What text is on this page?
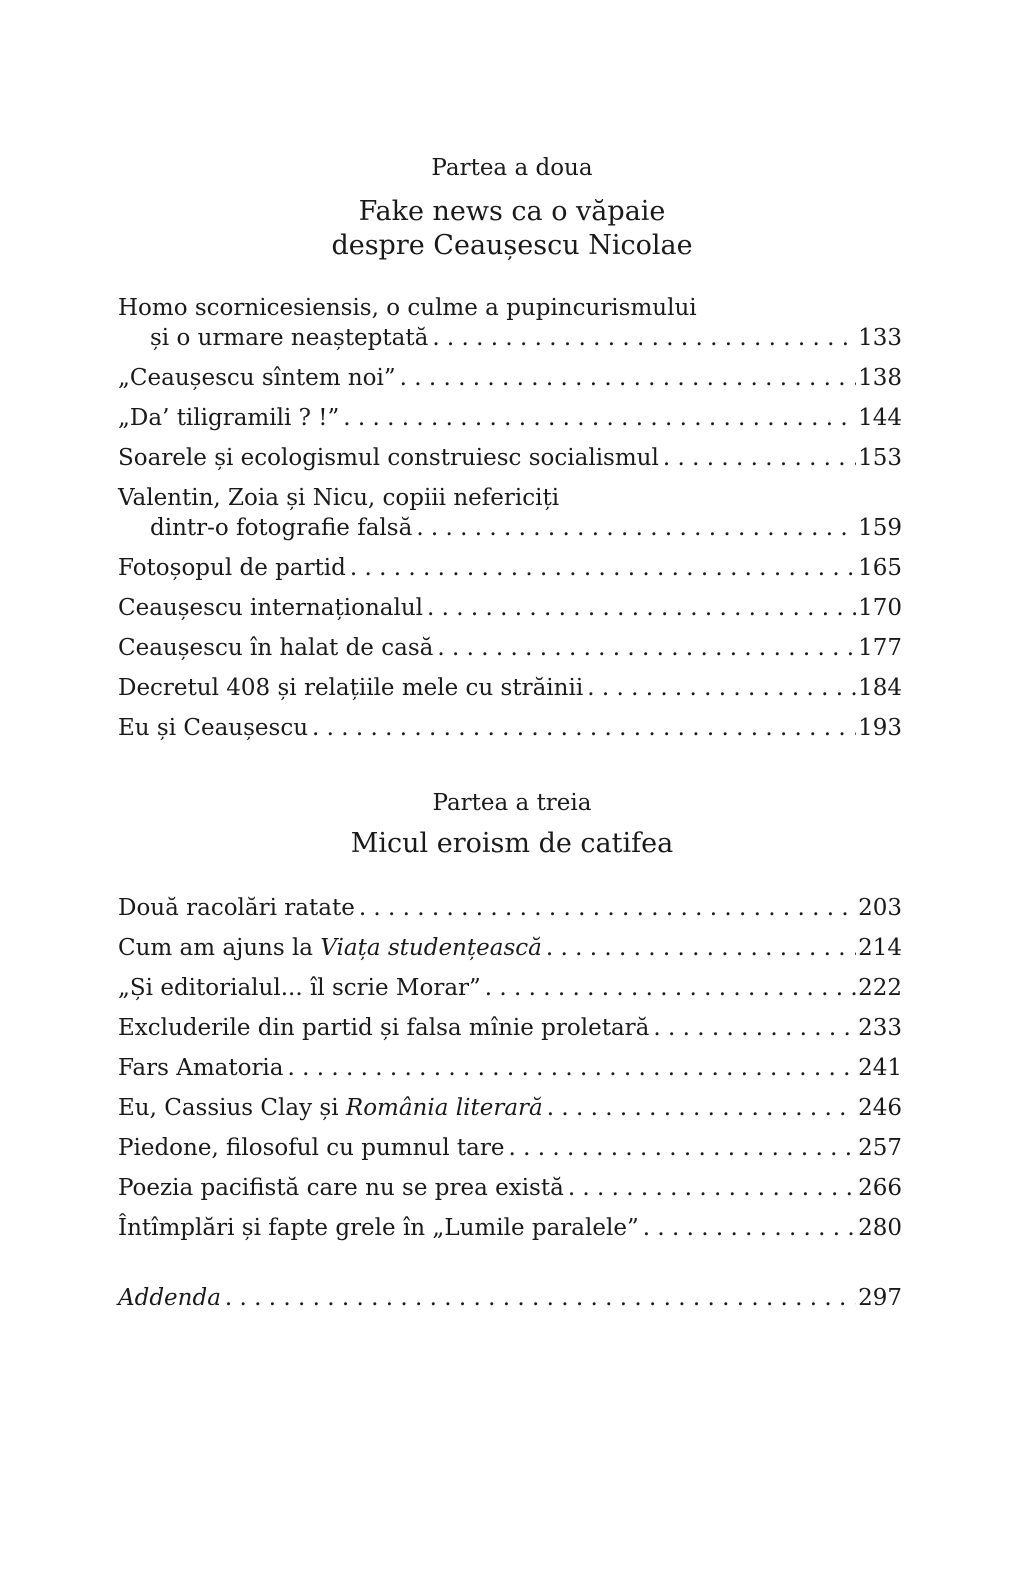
Partea a doua
Fake news ca o văpaie
despre Ceaușescu Nicolae
Homo scornicesiensis, o culme a pupincurismului
și o urmare neașteptată . . .	133
„Ceaușescu sîntem noi” . . .	138
„Da’ tiligramili ? !” . . .	144
Soarele și ecologismul construiesc socialismul . . .	153
Valentin, Zoia și Nicu, copiii nefericiți
dintr-o fotografie falsă . . .	159
Fotoșopul de partid . . .	165
Ceaușescu internaționalul . . .	170
Ceaușescu în halat de casă . . .	177
Decretul 408 și relațiile mele cu străinii . . .	184
Eu și Ceaușescu . . .	193
Partea a treia
Micul eroism de catifea
Două racolări ratate . . .	203
Cum am ajuns la Viața studențească . . .	214
„Și editorialul... îl scrie Morar” . . .	222
Excluderile din partid și falsa mînie proletară . . .	233
Fars Amatoria . . .	241
Eu, Cassius Clay și România literară . . .	246
Piedone, filosoful cu pumnul tare . . .	257
Poezia pacifistă care nu se prea există . . .	266
Întîmplări și fapte grele în „Lumile paralele” . . .	280
Addenda . . .	297
